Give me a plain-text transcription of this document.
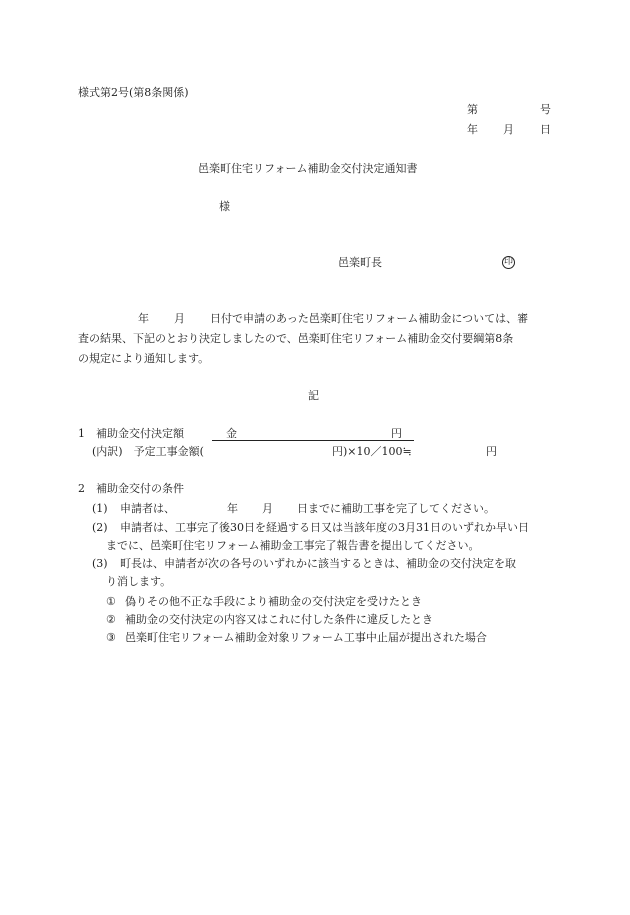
様式第2号(第8条関係)
第	号
年 月 日
邑楽町住宅リフォーム補助金交付決定通知書
様
邑楽町長	印
年 月 日付で申請のあった邑楽町住宅リフォーム補助金については、審
査の結果、下記のとおり決定しましたので、邑楽町住宅リフォーム補助金交付要綱第8条
の規定により通知します。
記
1　補助金交付決定額	金	円
(内訳)　予定工事金額(	円)×10／100≒	円
2　補助金交付の条件
(1) 申請者は、	年 月 日までに補助工事を完了してください。
(2) 申請者は、工事完了後30日を経過する日又は当該年度の3月31日のいずれか早い日
までに、邑楽町住宅リフォーム補助金工事完了報告書を提出してください。
(3) 町長は、申請者が次の各号のいずれかに該当するときは、補助金の交付決定を取
り消します。
① 偽りその他不正な手段により補助金の交付決定を受けたとき
② 補助金の交付決定の内容又はこれに付した条件に違反したとき
③ 邑楽町住宅リフォーム補助金対象リフォーム工事中止届が提出された場合
